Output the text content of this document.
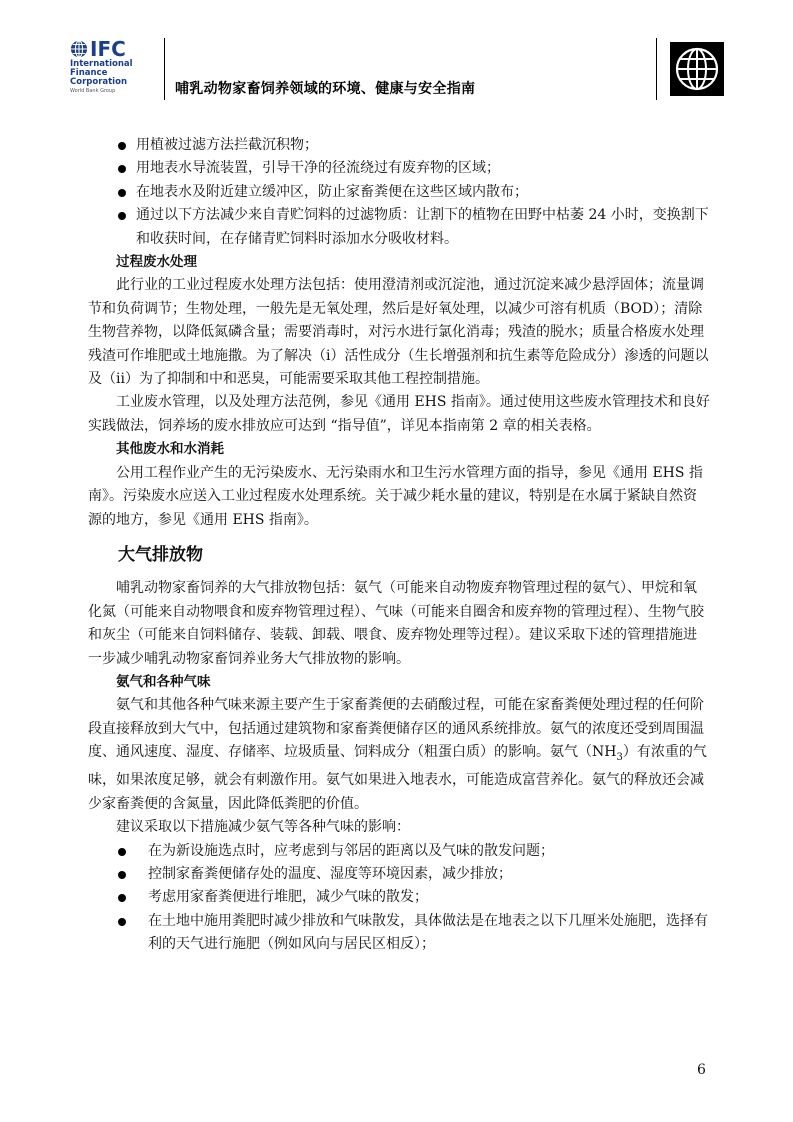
IFC
International
Finance
Corporation
World Bank Group	哺乳动物家畜饲养领域的环境、健康与安全指南
用植被过滤方法拦截沉积物；
用地表水导流装置，引导干净的径流绕过有废弃物的区域；
在地表水及附近建立缓冲区，防止家畜粪便在这些区域内散布；
通过以下方法减少来自青贮饲料的过滤物质：让割下的植物在田野中枯萎 24 小时，变换割下和收获时间，在存储青贮饲料时添加水分吸收材料。
过程废水处理

此行业的工业过程废水处理方法包括：使用澄清剂或沉淀池，通过沉淀来减少悬浮固体；流量调节和负荷调节；生物处理，一般先是无氧处理，然后是好氧处理，以减少可溶有机质（BOD）；清除生物营养物，以降低氮磷含量；需要消毒时，对污水进行氯化消毒；残渣的脱水；质量合格废水处理残渣可作堆肥或土地施撒。为了解决（i）活性成分（生长增强剂和抗生素等危险成分）渗透的问题以及（ii）为了抑制和中和恶臭，可能需要采取其他工程控制措施。

工业废水管理，以及处理方法范例，参见《通用 EHS 指南》。通过使用这些废水管理技术和良好实践做法，饲养场的废水排放应可达到 “指导值”，详见本指南第 2 章的相关表格。

其他废水和水消耗

公用工程作业产生的无污染废水、无污染雨水和卫生污水管理方面的指导，参见《通用 EHS 指南》。污染废水应送入工业过程废水处理系统。关于减少耗水量的建议，特别是在水属于紧缺自然资源的地方，参见《通用 EHS 指南》。

大气排放物

哺乳动物家畜饲养的大气排放物包括：氨气（可能来自动物废弃物管理过程的氨气）、甲烷和氧化氮（可能来自动物喂食和废弃物管理过程）、气味（可能来自圈舍和废弃物的管理过程）、生物气胶和灰尘（可能来自饲料储存、装载、卸载、喂食、废弃物处理等过程）。建议采取下述的管理措施进一步减少哺乳动物家畜饲养业务大气排放物的影响。

氨气和各种气味

氨气和其他各种气味来源主要产生于家畜粪便的去硝酸过程，可能在家畜粪便处理过程的任何阶段直接释放到大气中，包括通过建筑物和家畜粪便储存区的通风系统排放。氨气的浓度还受到周围温度、通风速度、湿度、存储率、垃圾质量、饲料成分（粗蛋白质）的影响。氨气$(NH_3)$有浓重的气味，如果浓度足够，就会有刺激作用。氨气如果进入地表水，可能造成富营养化。氨气的释放还会减少家畜粪便的含氮量，因此降低粪肥的价值。

建议采取以下措施减少氨气等各种气味的影响：

在为新设施选点时，应考虑到与邻居的距离以及气味的散发问题；
控制家畜粪便储存处的温度、湿度等环境因素，减少排放；
考虑用家畜粪便进行堆肥，减少气味的散发；
在土地中施用粪肥时减少排放和气味散发，具体做法是在地表之以下几厘米处施肥，选择有利的天气进行施肥（例如风向与居民区相反）；
6
